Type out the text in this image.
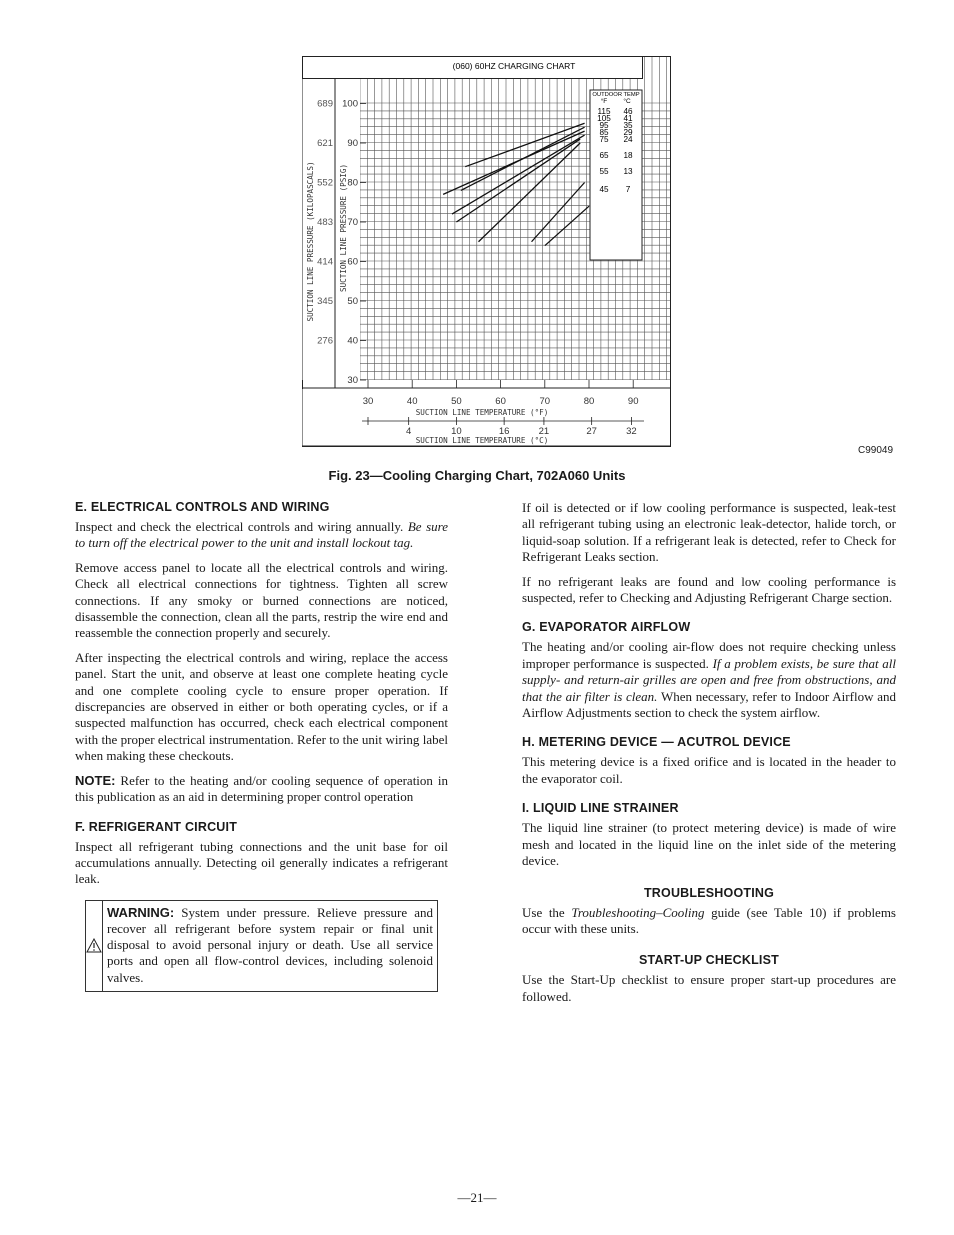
(060) 60HZ CHARGING CHART
100
90
80
70
60
50
40
30
689
621
552
483
414
345
276
SUCTION LINE PRESSURE (KILOPASCALS)	SUCTION LINE PRESSURE (PSIG)
30	40	50	60	70	80	90
SUCTION LINE TEMPERATURE (°F)
4	10	16	21	27	32
SUCTION LINE TEMPERATURE (°C)
OUTDOOR TEMP
°F °C
115 46
105 41
95 35
85 29
75 24
65 18
55 13
45 7
C99049
Fig. 23—Cooling Charging Chart, 702A060 Units
E. ELECTRICAL CONTROLS AND WIRING

Inspect and check the electrical controls and wiring annually. Be sure to turn off the electrical power to the unit and install lockout tag.

Remove access panel to locate all the electrical controls and wiring. Check all electrical connections for tightness. Tighten all screw connections. If any smoky or burned connections are noticed, disassemble the connection, clean all the parts, restrip the wire end and reassemble the connection properly and securely.

After inspecting the electrical controls and wiring, replace the access panel. Start the unit, and observe at least one complete heating cycle and one complete cooling cycle to ensure proper operation. If discrepancies are observed in either or both operating cycles, or if a suspected malfunction has occurred, check each electrical component with the proper electrical instrumentation. Refer to the unit wiring label when making these checkouts.

NOTE: Refer to the heating and/or cooling sequence of operation in this publication as an aid in determining proper control operation

F. REFRIGERANT CIRCUIT

Inspect all refrigerant tubing connections and the unit base for oil accumulations annually. Detecting oil generally indicates a refrigerant leak.

WARNING: System under pressure. Relieve pressure and recover all refrigerant before system repair or final unit disposal to avoid personal injury or death. Use all service ports and open all flow-control devices, including solenoid valves.

If oil is detected or if low cooling performance is suspected, leak-test all refrigerant tubing using an electronic leak-detector, halide torch, or liquid-soap solution. If a refrigerant leak is detected, refer to Check for Refrigerant Leaks section.

If no refrigerant leaks are found and low cooling performance is suspected, refer to Checking and Adjusting Refrigerant Charge section.

G. EVAPORATOR AIRFLOW

The heating and/or cooling air-flow does not require checking unless improper performance is suspected. If a problem exists, be sure that all supply- and return-air grilles are open and free from obstructions, and that the air filter is clean. When necessary, refer to Indoor Airflow and Airflow Adjustments section to check the system airflow.

H. METERING DEVICE — ACUTROL DEVICE

This metering device is a fixed orifice and is located in the header to the evaporator coil.

I. LIQUID LINE STRAINER

The liquid line strainer (to protect metering device) is made of wire mesh and located in the liquid line on the inlet side of the metering device.

TROUBLESHOOTING

Use the Troubleshooting–Cooling guide (see Table 10) if problems occur with these units.

START-UP CHECKLIST

Use the Start-Up checklist to ensure proper start-up procedures are followed.

—21—
